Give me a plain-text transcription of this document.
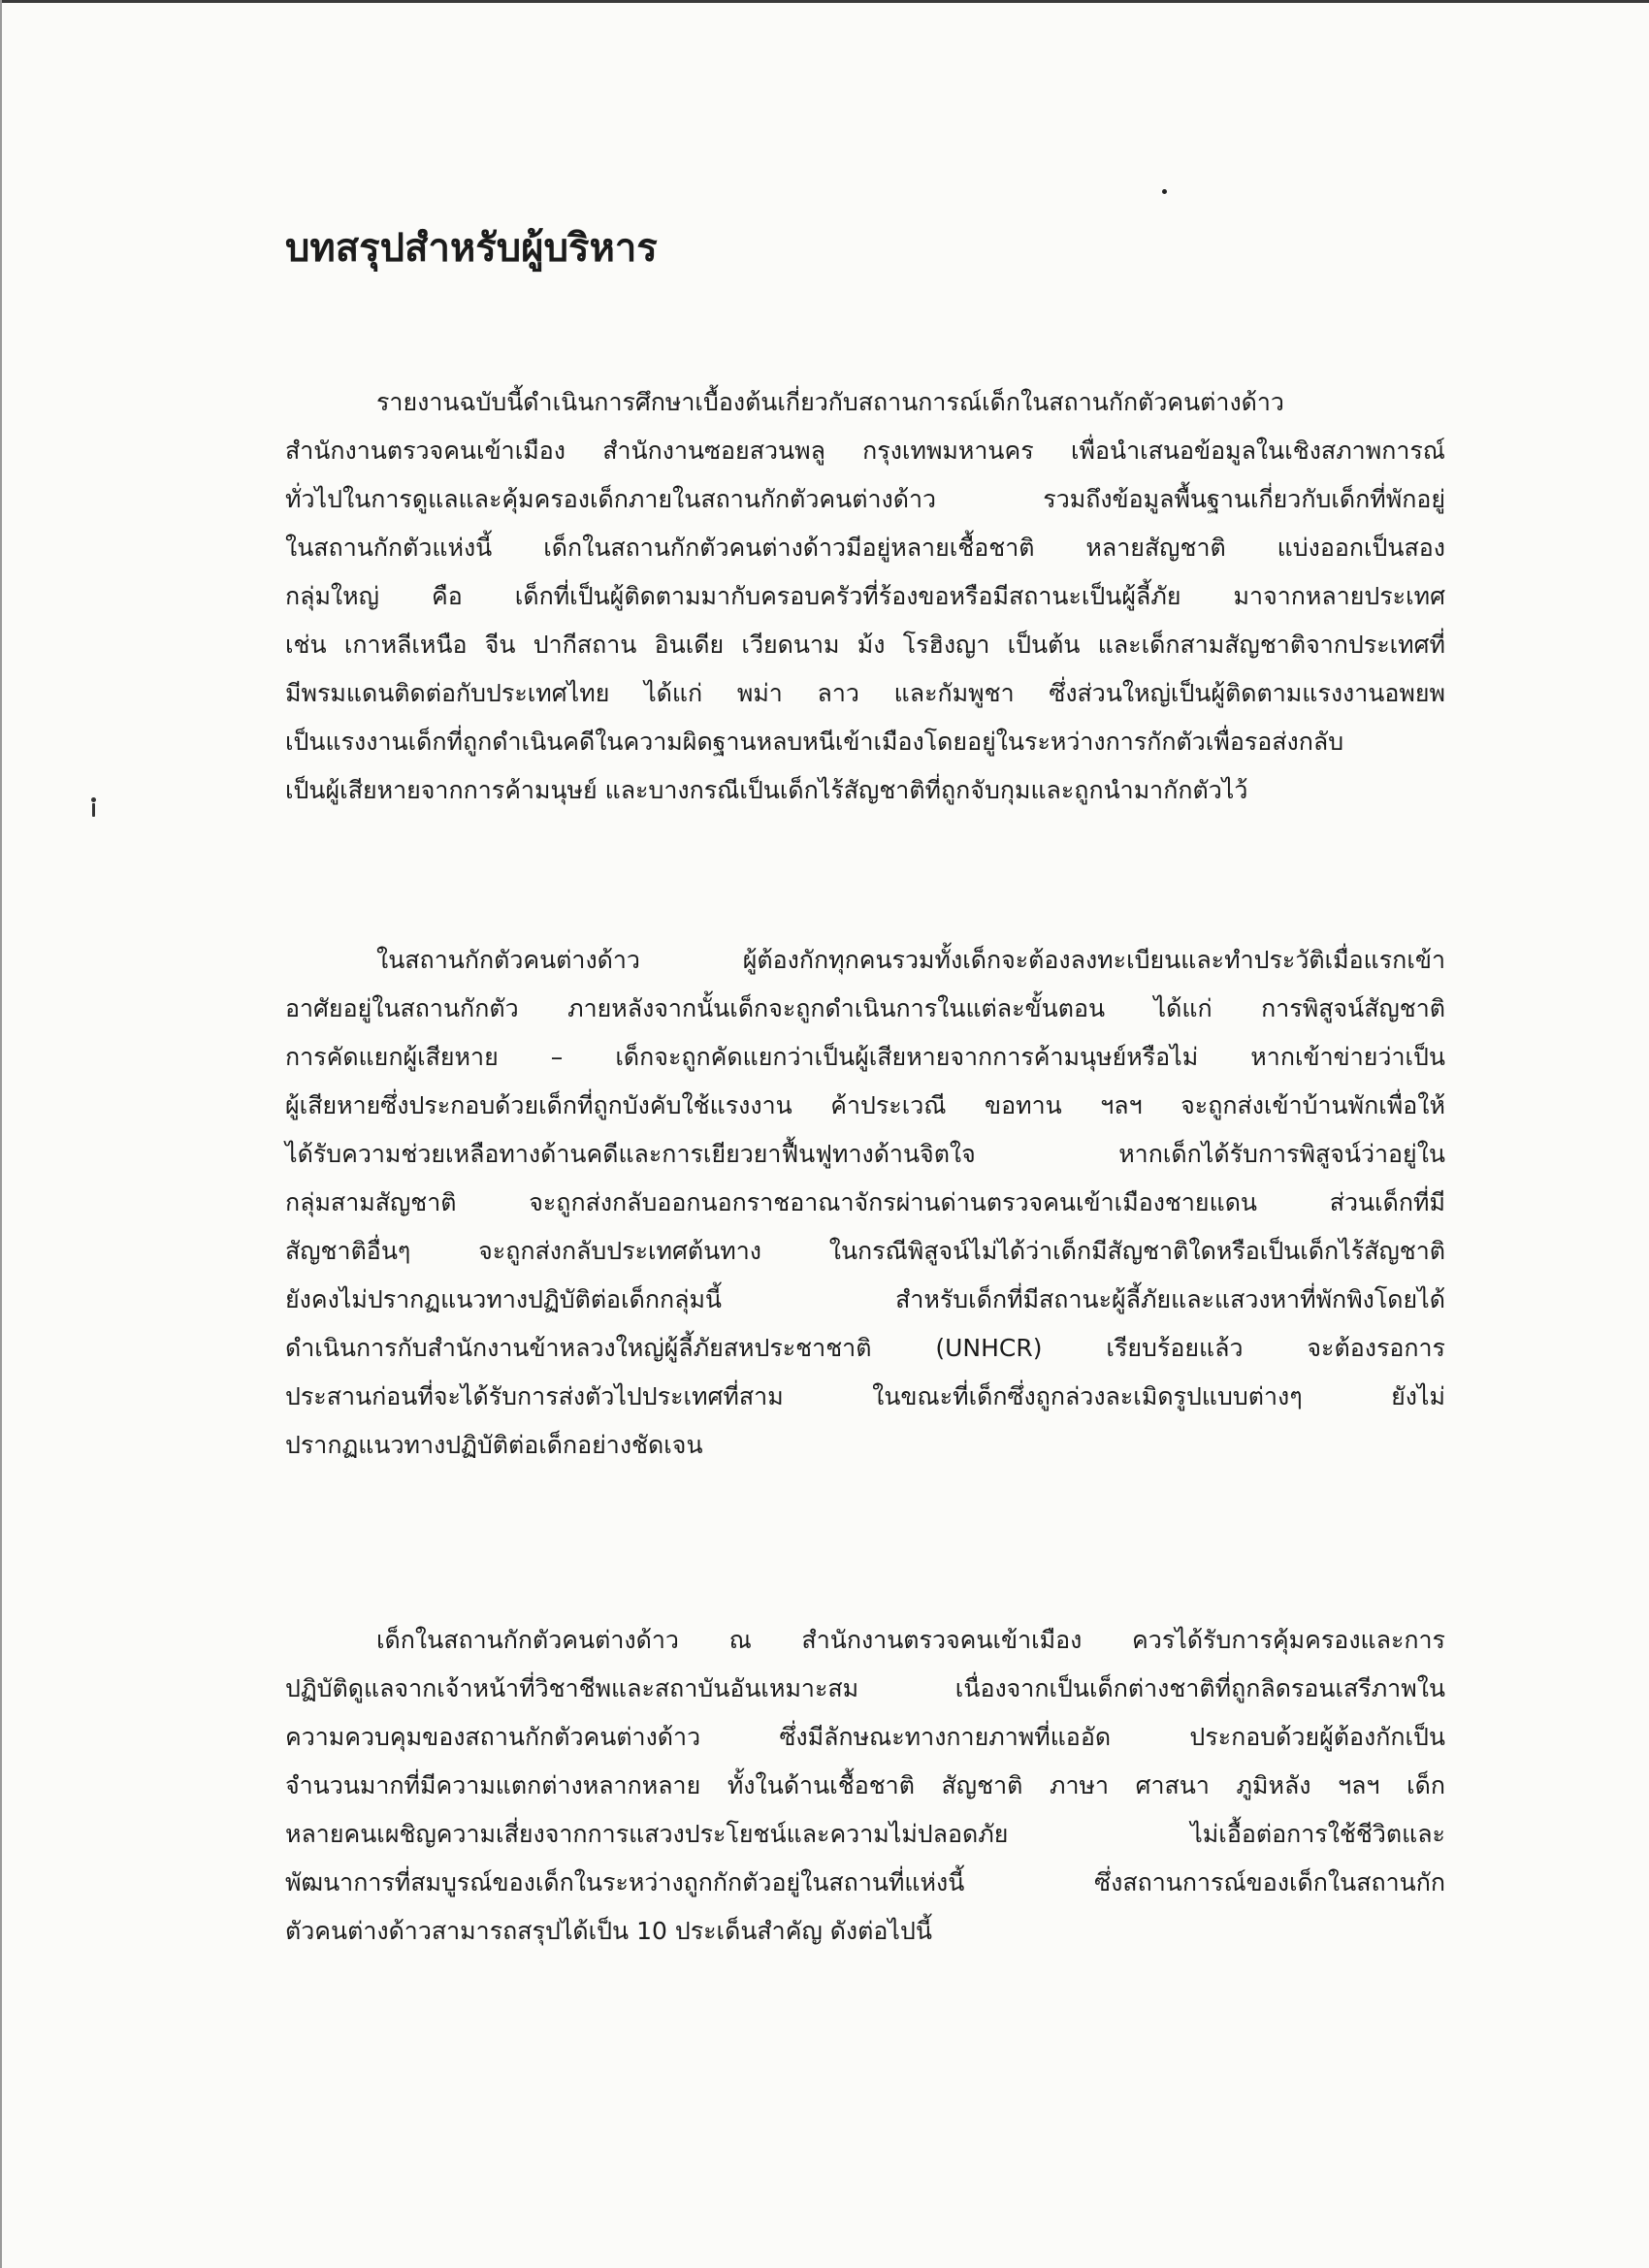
บทสรุปสำหรับผู้บริหาร
รายงานฉบับนี้ดำเนินการศึกษาเบื้องต้นเกี่ยวกับสถานการณ์เด็กในสถานกักตัวคนต่างด้าว
สำนักงานตรวจคนเข้าเมือง สำนักงานซอยสวนพลู กรุงเทพมหานคร เพื่อนำเสนอข้อมูลในเชิงสภาพการณ์
ทั่วไปในการดูแลและคุ้มครองเด็กภายในสถานกักตัวคนต่างด้าว รวมถึงข้อมูลพื้นฐานเกี่ยวกับเด็กที่พักอยู่
ในสถานกักตัวแห่งนี้ เด็กในสถานกักตัวคนต่างด้าวมีอยู่หลายเชื้อชาติ หลายสัญชาติ แบ่งออกเป็นสอง
กลุ่มใหญ่ คือ เด็กที่เป็นผู้ติดตามมากับครอบครัวที่ร้องขอหรือมีสถานะเป็นผู้ลี้ภัย มาจากหลายประเทศ
เช่น เกาหลีเหนือ จีน ปากีสถาน อินเดีย เวียดนาม ม้ง โรฮิงญา เป็นต้น และเด็กสามสัญชาติจากประเทศที่
มีพรมแดนติดต่อกับประเทศไทย ได้แก่ พม่า ลาว และกัมพูชา ซึ่งส่วนใหญ่เป็นผู้ติดตามแรงงานอพยพ
เป็นแรงงานเด็กที่ถูกดำเนินคดีในความผิดฐานหลบหนีเข้าเมืองโดยอยู่ในระหว่างการกักตัวเพื่อรอส่งกลับ
เป็นผู้เสียหายจากการค้ามนุษย์ และบางกรณีเป็นเด็กไร้สัญชาติที่ถูกจับกุมและถูกนำมากักตัวไว้
ในสถานกักตัวคนต่างด้าว ผู้ต้องกักทุกคนรวมทั้งเด็กจะต้องลงทะเบียนและทำประวัติเมื่อแรกเข้า
อาศัยอยู่ในสถานกักตัว ภายหลังจากนั้นเด็กจะถูกดำเนินการในแต่ละขั้นตอน ได้แก่ การพิสูจน์สัญชาติ
การคัดแยกผู้เสียหาย – เด็กจะถูกคัดแยกว่าเป็นผู้เสียหายจากการค้ามนุษย์หรือไม่ หากเข้าข่ายว่าเป็น
ผู้เสียหายซึ่งประกอบด้วยเด็กที่ถูกบังคับใช้แรงงาน ค้าประเวณี ขอทาน ฯลฯ จะถูกส่งเข้าบ้านพักเพื่อให้
ได้รับความช่วยเหลือทางด้านคดีและการเยียวยาฟื้นฟูทางด้านจิตใจ หากเด็กได้รับการพิสูจน์ว่าอยู่ใน
กลุ่มสามสัญชาติ จะถูกส่งกลับออกนอกราชอาณาจักรผ่านด่านตรวจคนเข้าเมืองชายแดน ส่วนเด็กที่มี
สัญชาติอื่นๆ จะถูกส่งกลับประเทศต้นทาง ในกรณีพิสูจน์ไม่ได้ว่าเด็กมีสัญชาติใดหรือเป็นเด็กไร้สัญชาติ
ยังคงไม่ปรากฏแนวทางปฏิบัติต่อเด็กกลุ่มนี้ สำหรับเด็กที่มีสถานะผู้ลี้ภัยและแสวงหาที่พักพิงโดยได้
ดำเนินการกับสำนักงานข้าหลวงใหญ่ผู้ลี้ภัยสหประชาชาติ (UNHCR) เรียบร้อยแล้ว จะต้องรอการ
ประสานก่อนที่จะได้รับการส่งตัวไปประเทศที่สาม ในขณะที่เด็กซึ่งถูกล่วงละเมิดรูปแบบต่างๆ ยังไม่
ปรากฏแนวทางปฏิบัติต่อเด็กอย่างชัดเจน
เด็กในสถานกักตัวคนต่างด้าว ณ สำนักงานตรวจคนเข้าเมือง ควรได้รับการคุ้มครองและการ
ปฏิบัติดูแลจากเจ้าหน้าที่วิชาชีพและสถาบันอันเหมาะสม เนื่องจากเป็นเด็กต่างชาติที่ถูกลิดรอนเสรีภาพใน
ความควบคุมของสถานกักตัวคนต่างด้าว ซึ่งมีลักษณะทางกายภาพที่แออัด ประกอบด้วยผู้ต้องกักเป็น
จำนวนมากที่มีความแตกต่างหลากหลาย ทั้งในด้านเชื้อชาติ สัญชาติ ภาษา ศาสนา ภูมิหลัง ฯลฯ เด็ก
หลายคนเผชิญความเสี่ยงจากการแสวงประโยชน์และความไม่ปลอดภัย ไม่เอื้อต่อการใช้ชีวิตและ
พัฒนาการที่สมบูรณ์ของเด็กในระหว่างถูกกักตัวอยู่ในสถานที่แห่งนี้ ซึ่งสถานการณ์ของเด็กในสถานกัก
ตัวคนต่างด้าวสามารถสรุปได้เป็น 10 ประเด็นสำคัญ ดังต่อไปนี้
